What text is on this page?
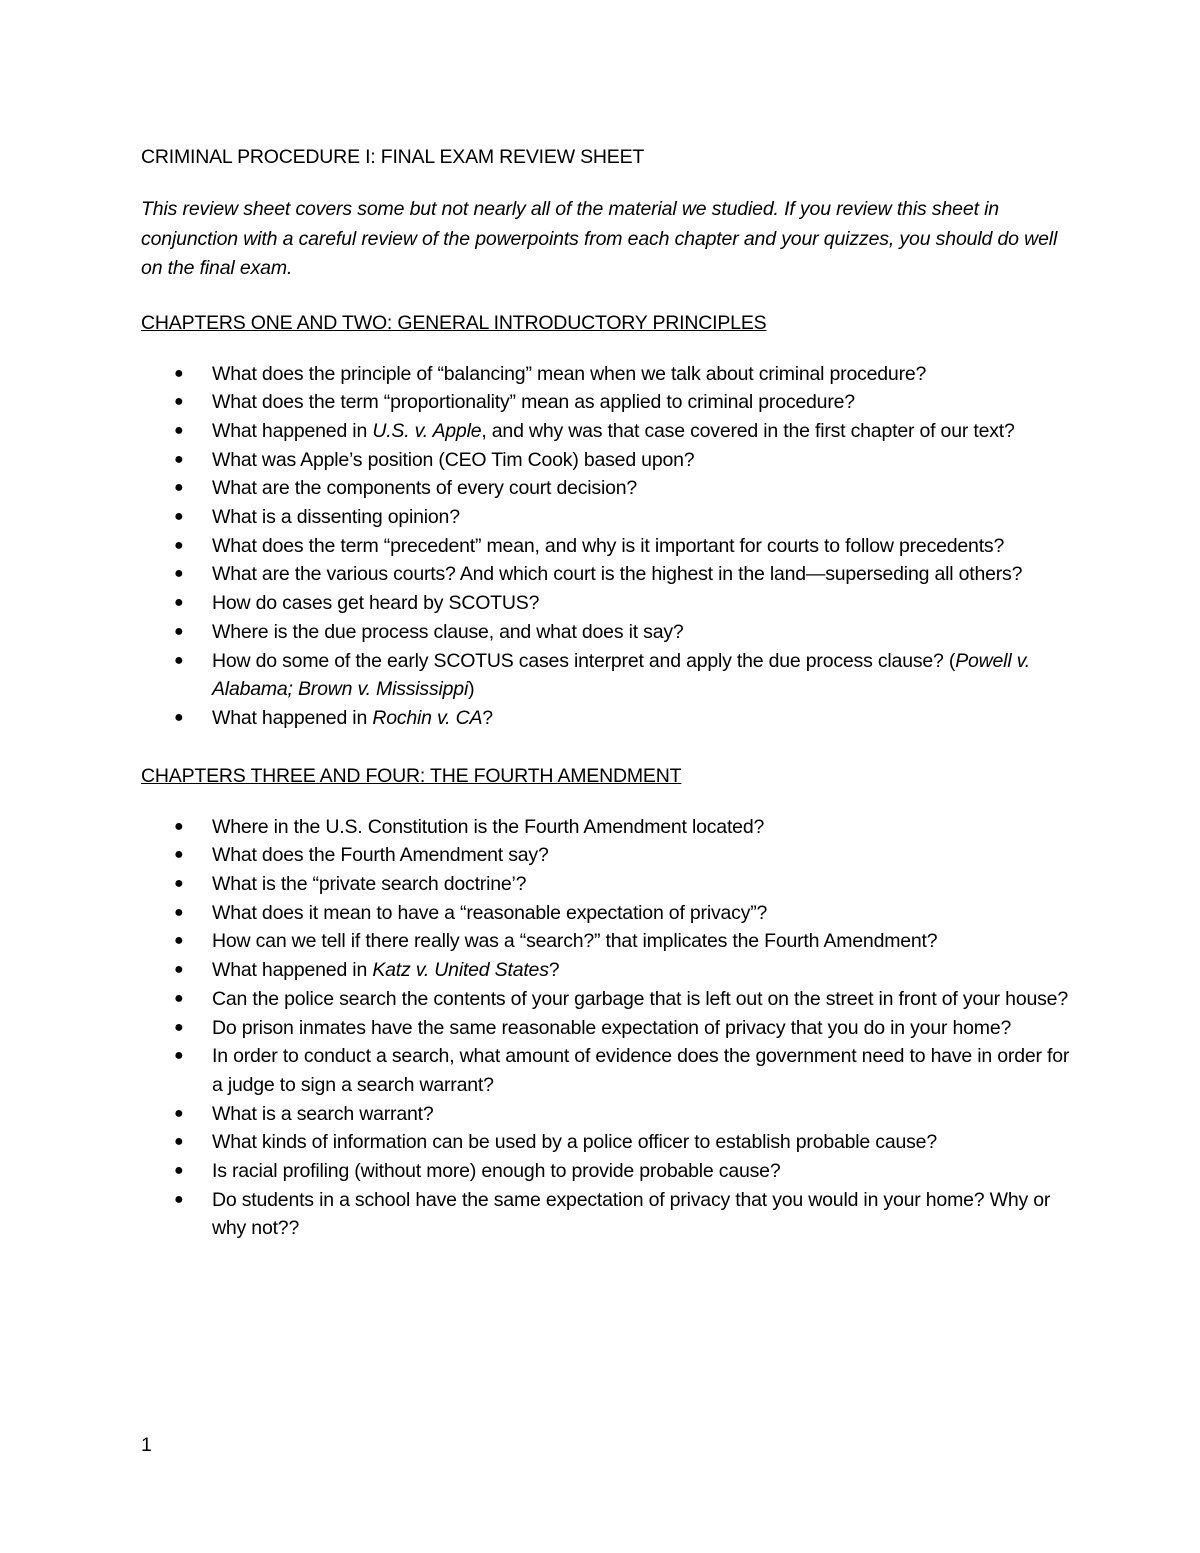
CRIMINAL PROCEDURE I: FINAL EXAM REVIEW SHEET
This review sheet covers some but not nearly all of the material we studied. If you review this sheet in conjunction with a careful review of the powerpoints from each chapter and your quizzes, you should do well on the final exam.
CHAPTERS ONE AND TWO: GENERAL INTRODUCTORY PRINCIPLES
● What does the principle of “balancing” mean when we talk about criminal procedure?
● What does the term “proportionality” mean as applied to criminal procedure?
● What happened in U.S. v. Apple, and why was that case covered in the first chapter of our text?
● What was Apple’s position (CEO Tim Cook) based upon?
● What are the components of every court decision?
● What is a dissenting opinion?
● What does the term “precedent” mean, and why is it important for courts to follow precedents?
● What are the various courts? And which court is the highest in the land—superseding all others?
● How do cases get heard by SCOTUS?
● Where is the due process clause, and what does it say?
● How do some of the early SCOTUS cases interpret and apply the due process clause? (Powell v. Alabama; Brown v. Mississippi)
● What happened in Rochin v. CA?
CHAPTERS THREE AND FOUR: THE FOURTH AMENDMENT
● Where in the U.S. Constitution is the Fourth Amendment located?
● What does the Fourth Amendment say?
● What is the “private search doctrine’?
● What does it mean to have a “reasonable expectation of privacy”?
● How can we tell if there really was a “search?” that implicates the Fourth Amendment?
● What happened in Katz v. United States?
● Can the police search the contents of your garbage that is left out on the street in front of your house?
● Do prison inmates have the same reasonable expectation of privacy that you do in your home?
● In order to conduct a search, what amount of evidence does the government need to have in order for a judge to sign a search warrant?
● What is a search warrant?
● What kinds of information can be used by a police officer to establish probable cause?
● Is racial profiling (without more) enough to provide probable cause?
● Do students in a school have the same expectation of privacy that you would in your home? Why or why not??
1
